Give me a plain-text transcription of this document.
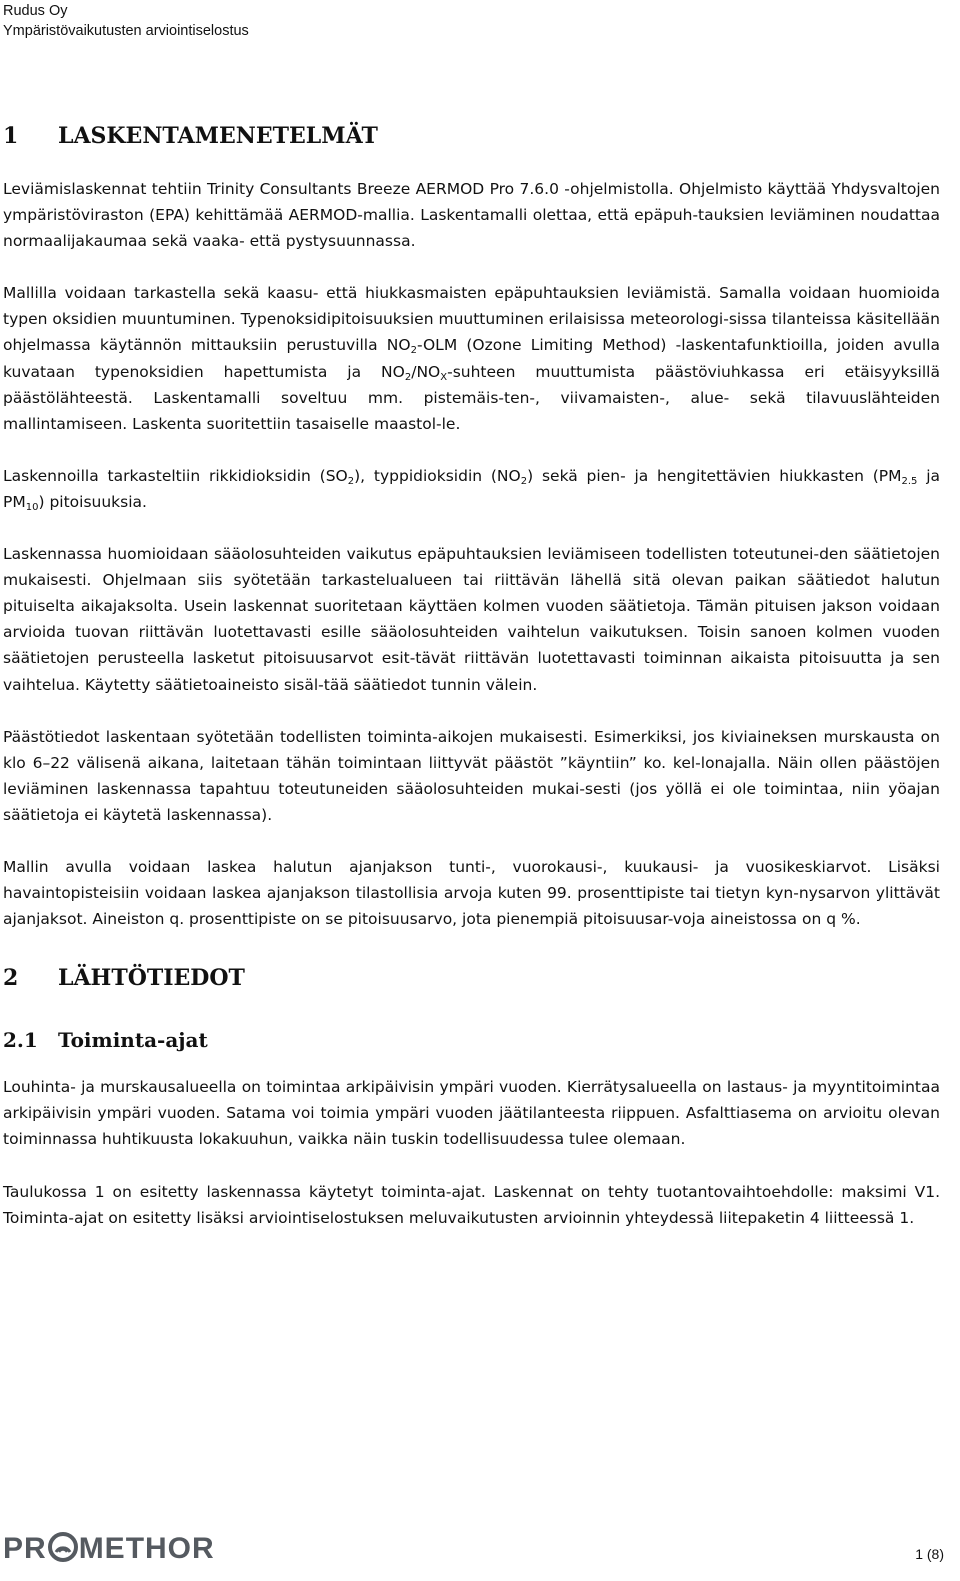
Rudus Oy
Ympäristövaikutusten arviointiselostus
1 LASKENTAMENETELMÄT

Leviämislaskennat tehtiin Trinity Consultants Breeze AERMOD Pro 7.6.0 -ohjelmistolla. Ohjelmisto käyttää Yhdysvaltojen ympäristöviraston (EPA) kehittämää AERMOD-mallia. Laskentamalli olettaa, että epäpuh-tauksien leviäminen noudattaa normaalijakaumaa sekä vaaka- että pystysuunnassa.

Mallilla voidaan tarkastella sekä kaasu- että hiukkasmaisten epäpuhtauksien leviämistä. Samalla voidaan huomioida typen oksidien muuntuminen. Typenoksidipitoisuuksien muuttuminen erilaisissa meteorologi-sissa tilanteissa käsitellään ohjelmassa käytännön mittauksiin perustuvilla $NO_2$-OLM (Ozone Limiting Method) -laskentafunktioilla, joiden avulla kuvataan typenoksidien hapettumista ja $NO_2/NO_X$-suhteen muuttumista päästöviuhkassa eri etäisyyksillä päästölähteestä. Laskentamalli soveltuu mm. pistemäis-ten-, viivamaisten-, alue- sekä tilavuuslähteiden mallintamiseen. Laskenta suoritettiin tasaiselle maastol-le.

Laskennoilla tarkasteltiin rikkidioksidin $(SO_2)$, typpidioksidin $(NO_2)$ sekä pien- ja hengitettävien hiukkasten ($PM_{2.5}$ ja $PM_{10}$) pitoisuuksia.

Laskennassa huomioidaan sääolosuhteiden vaikutus epäpuhtauksien leviämiseen todellisten toteutunei-den säätietojen mukaisesti. Ohjelmaan siis syötetään tarkastelualueen tai riittävän lähellä sitä olevan paikan säätiedot halutun pituiselta aikajaksolta. Usein laskennat suoritetaan käyttäen kolmen vuoden säätietoja. Tämän pituisen jakson voidaan arvioida tuovan riittävän luotettavasti esille sääolosuhteiden vaihtelun vaikutuksen. Toisin sanoen kolmen vuoden säätietojen perusteella lasketut pitoisuusarvot esit-tävät riittävän luotettavasti toiminnan aikaista pitoisuutta ja sen vaihtelua. Käytetty säätietoaineisto sisäl-tää säätiedot tunnin välein.

Päästötiedot laskentaan syötetään todellisten toiminta-aikojen mukaisesti. Esimerkiksi, jos kiviaineksen murskausta on klo 6–22 välisenä aikana, laitetaan tähän toimintaan liittyvät päästöt ”käyntiin” ko. kel-lonajalla. Näin ollen päästöjen leviäminen laskennassa tapahtuu toteutuneiden sääolosuhteiden mukai-sesti (jos yöllä ei ole toimintaa, niin yöajan säätietoja ei käytetä laskennassa).

Mallin avulla voidaan laskea halutun ajanjakson tunti-, vuorokausi-, kuukausi- ja vuosikeskiarvot. Lisäksi havaintopisteisiin voidaan laskea ajanjakson tilastollisia arvoja kuten 99. prosenttipiste tai tietyn kyn-nysarvon ylittävät ajanjaksot. Aineiston q. prosenttipiste on se pitoisuusarvo, jota pienempiä pitoisuusar-voja aineistossa on q %.

2 LÄHTÖTIEDOT
2.1 Toiminta-ajat

Louhinta- ja murskausalueella on toimintaa arkipäivisin ympäri vuoden. Kierrätysalueella on lastaus- ja myyntitoimintaa arkipäivisin ympäri vuoden. Satama voi toimia ympäri vuoden jäätilanteesta riippuen. Asfalttiasema on arvioitu olevan toiminnassa huhtikuusta lokakuuhun, vaikka näin tuskin todellisuudessa tulee olemaan.

Taulukossa 1 on esitetty laskennassa käytetyt toiminta-ajat. Laskennat on tehty tuotantovaihtoehdolle: maksimi V1. Toiminta-ajat on esitetty lisäksi arviointiselostuksen meluvaikutusten arvioinnin yhteydessä liitepaketin 4 liitteessä 1.

PR METHOR	1 (8)
